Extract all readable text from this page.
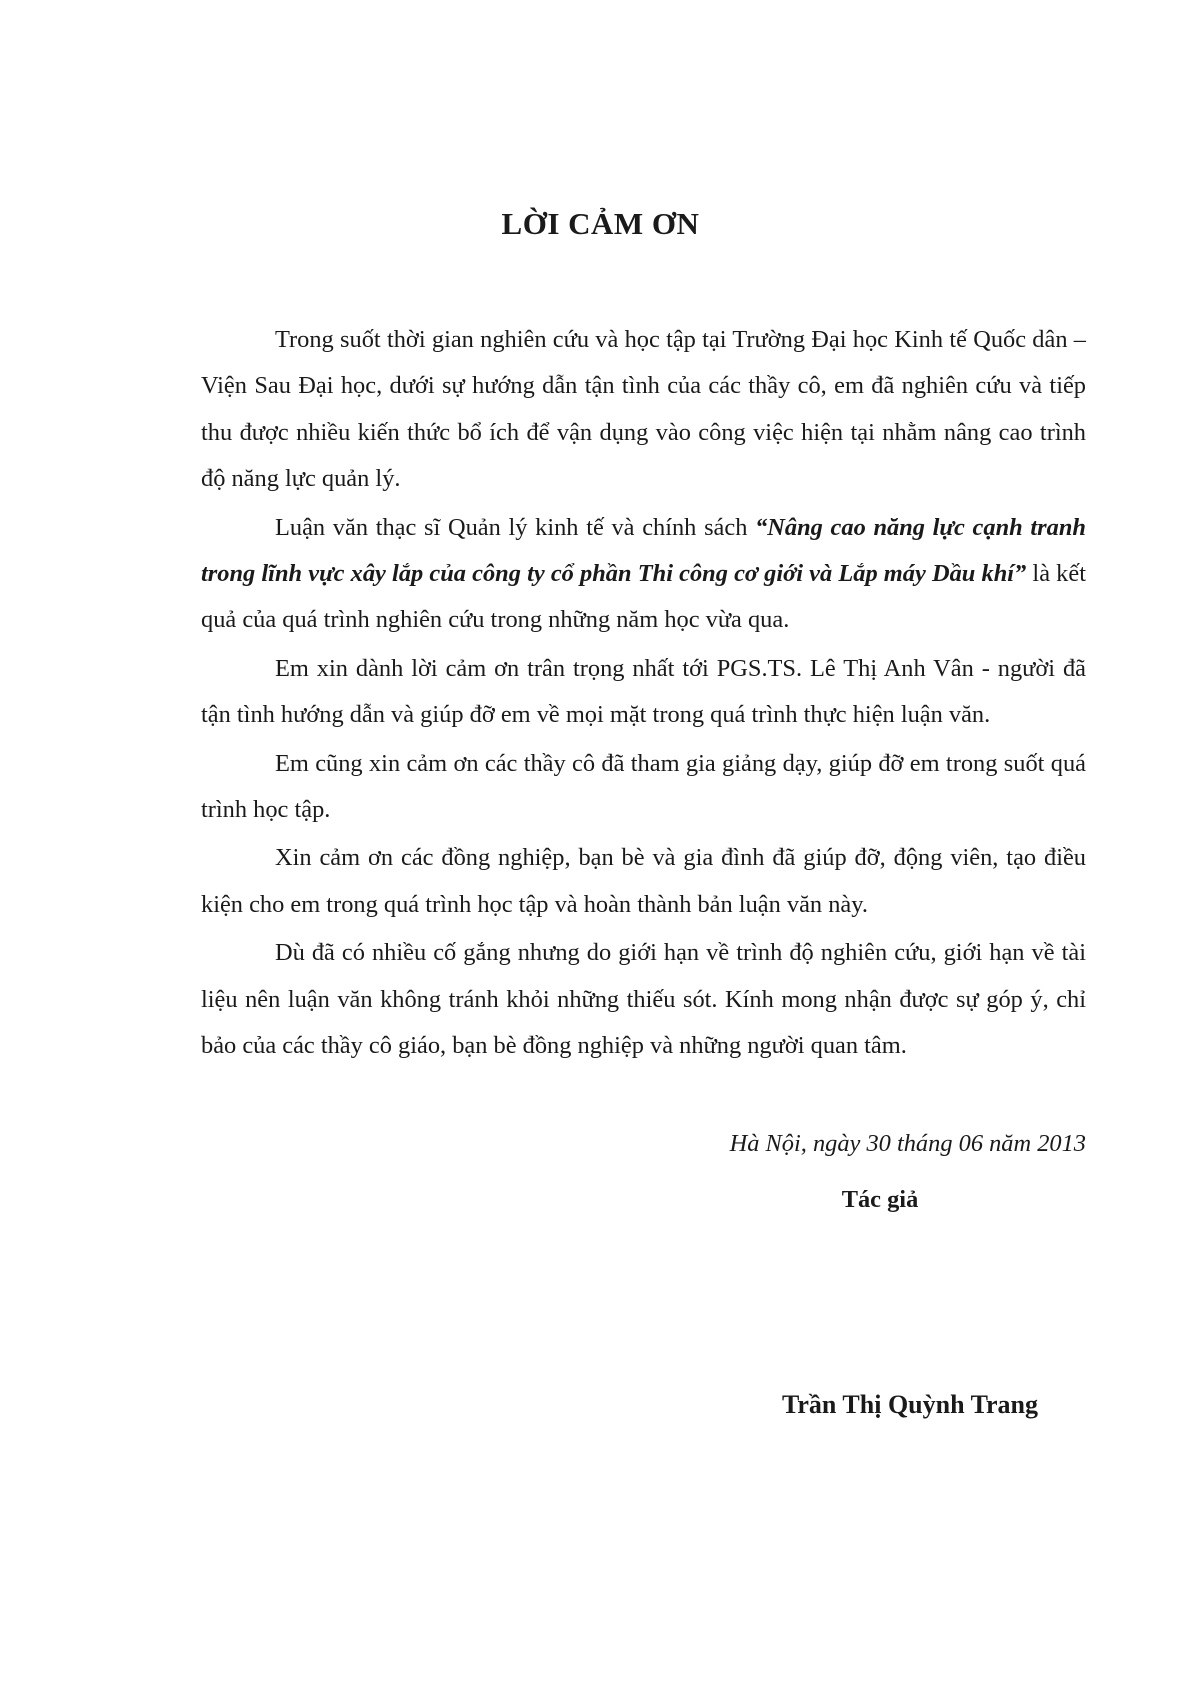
LỜI CẢM ƠN

Trong suốt thời gian nghiên cứu và học tập tại Trường Đại học Kinh tế Quốc dân – Viện Sau Đại học, dưới sự hướng dẫn tận tình của các thầy cô, em đã nghiên cứu và tiếp thu được nhiều kiến thức bổ ích để vận dụng vào công việc hiện tại nhằm nâng cao trình độ năng lực quản lý.

Luận văn thạc sĩ Quản lý kinh tế và chính sách “Nâng cao năng lực cạnh tranh trong lĩnh vực xây lắp của công ty cổ phần Thi công cơ giới và Lắp máy Dầu khí” là kết quả của quá trình nghiên cứu trong những năm học vừa qua.

Em xin dành lời cảm ơn trân trọng nhất tới PGS.TS. Lê Thị Anh Vân - người đã tận tình hướng dẫn và giúp đỡ em về mọi mặt trong quá trình thực hiện luận văn.

Em cũng xin cảm ơn các thầy cô đã tham gia giảng dạy, giúp đỡ em trong suốt quá trình học tập.

Xin cảm ơn các đồng nghiệp, bạn bè và gia đình đã giúp đỡ, động viên, tạo điều kiện cho em trong quá trình học tập và hoàn thành bản luận văn này.

Dù đã có nhiều cố gắng nhưng do giới hạn về trình độ nghiên cứu, giới hạn về tài liệu nên luận văn không tránh khỏi những thiếu sót. Kính mong nhận được sự góp ý, chỉ bảo của các thầy cô giáo, bạn bè đồng nghiệp và những người quan tâm.

Hà Nội, ngày 30 tháng 06 năm 2013
Tác giả
Trần Thị Quỳnh Trang
